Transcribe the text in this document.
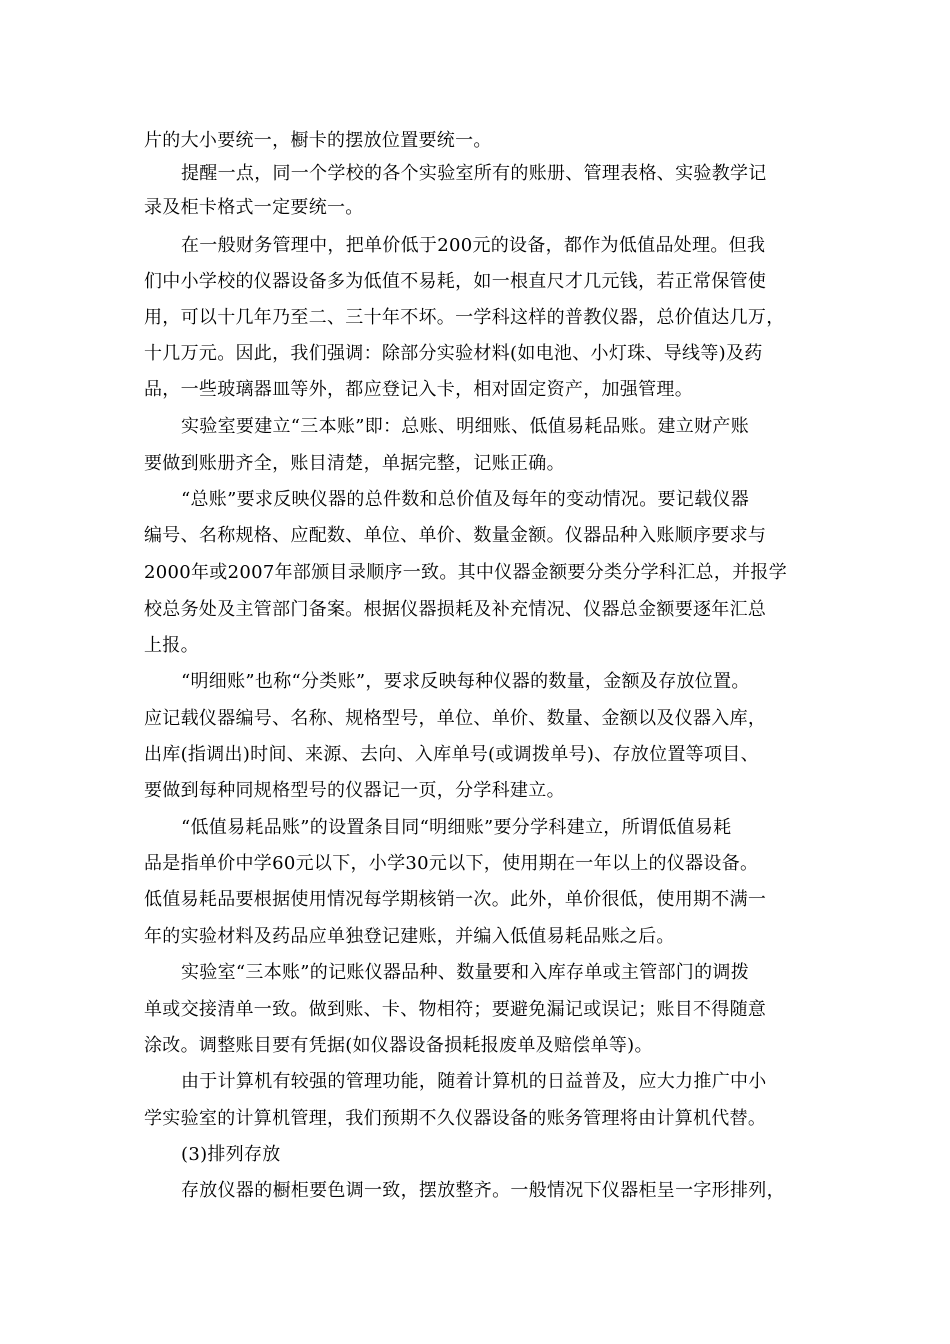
片的大小要统一，橱卡的摆放位置要统一。
提醒一点，同一个学校的各个实验室所有的账册、管理表格、实验教学记
录及柜卡格式一定要统一。
在一般财务管理中，把单价低于200元的设备，都作为低值品处理。但我
们中小学校的仪器设备多为低值不易耗，如一根直尺才几元钱，若正常保管使
用，可以十几年乃至二、三十年不坏。一学科这样的普教仪器，总价值达几万，
十几万元。因此，我们强调：除部分实验材料(如电池、小灯珠、导线等)及药
品，一些玻璃器皿等外，都应登记入卡，相对固定资产，加强管理。
实验室要建立“三本账”即：总账、明细账、低值易耗品账。建立财产账
要做到账册齐全，账目清楚，单据完整，记账正确。
“总账”要求反映仪器的总件数和总价值及每年的变动情况。要记载仪器
编号、名称规格、应配数、单位、单价、数量金额。仪器品种入账顺序要求与
2000年或2007年部颁目录顺序一致。其中仪器金额要分类分学科汇总，并报学
校总务处及主管部门备案。根据仪器损耗及补充情况、仪器总金额要逐年汇总
上报。
“明细账”也称“分类账”，要求反映每种仪器的数量，金额及存放位置。
应记载仪器编号、名称、规格型号，单位、单价、数量、金额以及仪器入库，
出库(指调出)时间、来源、去向、入库单号(或调拨单号)、存放位置等项目、
要做到每种同规格型号的仪器记一页，分学科建立。
“低值易耗品账”的设置条目同“明细账”要分学科建立，所谓低值易耗
品是指单价中学60元以下，小学30元以下，使用期在一年以上的仪器设备。
低值易耗品要根据使用情况每学期核销一次。此外，单价很低，使用期不满一
年的实验材料及药品应单独登记建账，并编入低值易耗品账之后。
实验室“三本账”的记账仪器品种、数量要和入库存单或主管部门的调拨
单或交接清单一致。做到账、卡、物相符；要避免漏记或误记；账目不得随意
涂改。调整账目要有凭据(如仪器设备损耗报废单及赔偿单等)。
由于计算机有较强的管理功能，随着计算机的日益普及，应大力推广中小
学实验室的计算机管理，我们预期不久仪器设备的账务管理将由计算机代替。
(3)排列存放
存放仪器的橱柜要色调一致，摆放整齐。一般情况下仪器柜呈一字形排列，
